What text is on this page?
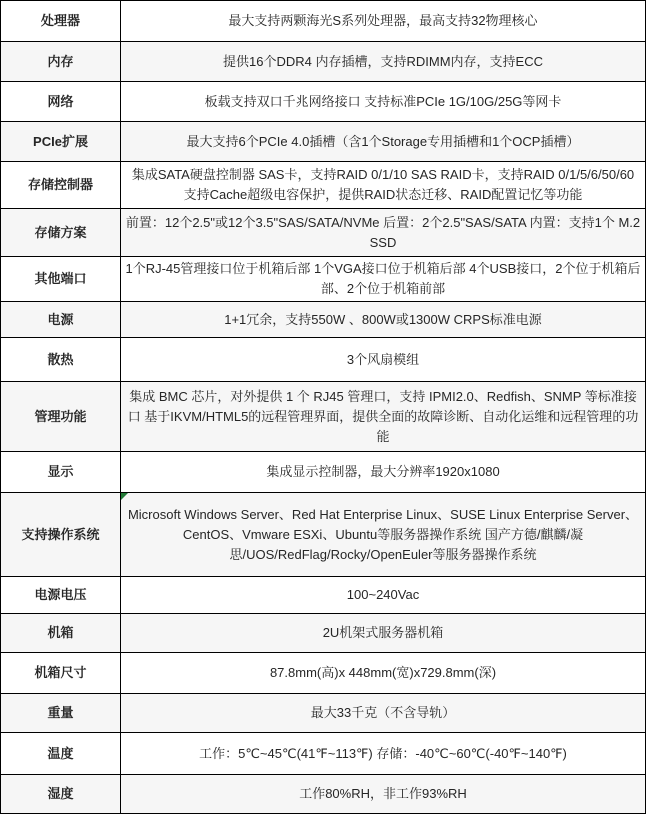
处理器	最大支持两颗海光S系列处理器，最高支持32物理核心
内存	提供16个DDR4 内存插槽，支持RDIMM内存，支持ECC
网络	板载支持双口千兆网络接口 支持标准PCIe 1G/10G/25G等网卡
PCIe扩展	最大支持6个PCIe 4.0插槽（含1个Storage专用插槽和1个OCP插槽）
存储控制器	集成SATA硬盘控制器 SAS卡，支持RAID 0/1/10 SAS RAID卡，支持RAID 0/1/5/6/50/60 支持Cache超级电容保护，提供RAID状态迁移、RAID配置记忆等功能
存储方案	前置：12个2.5"或12个3.5"SAS/SATA/NVMe 后置：2个2.5"SAS/SATA 内置：支持1个 M.2 SSD
其他端口	1个RJ-45管理接口位于机箱后部 1个VGA接口位于机箱后部 4个USB接口，2个位于机箱后部、2个位于机箱前部
电源	1+1冗余，支持550W 、800W或1300W CRPS标准电源
散热	3个风扇模组
管理功能	集成 BMC 芯片，对外提供 1 个 RJ45 管理口，支持 IPMI2.0、Redfish、SNMP 等标准接口 基于IKVM/HTML5的远程管理界面，提供全面的故障诊断、自动化运维和远程管理的功能
显示	集成显示控制器，最大分辨率1920x1080
支持操作系统	Microsoft Windows Server、Red Hat Enterprise Linux、SUSE Linux Enterprise Server、CentOS、Vmware ESXi、Ubuntu等服务器操作系统 国产方德/麒麟/凝思/UOS/RedFlag/Rocky/OpenEuler等服务器操作系统

电源电压	100~240Vac
机箱	2U机架式服务器机箱
机箱尺寸	87.8mm(高)x 448mm(宽)x729.8mm(深)
重量	最大33千克（不含导轨）
温度	工作：5℃~45℃(41℉~113℉) 存储：-40℃~60℃(-40℉~140℉)
湿度	工作80%RH，非工作93%RH
